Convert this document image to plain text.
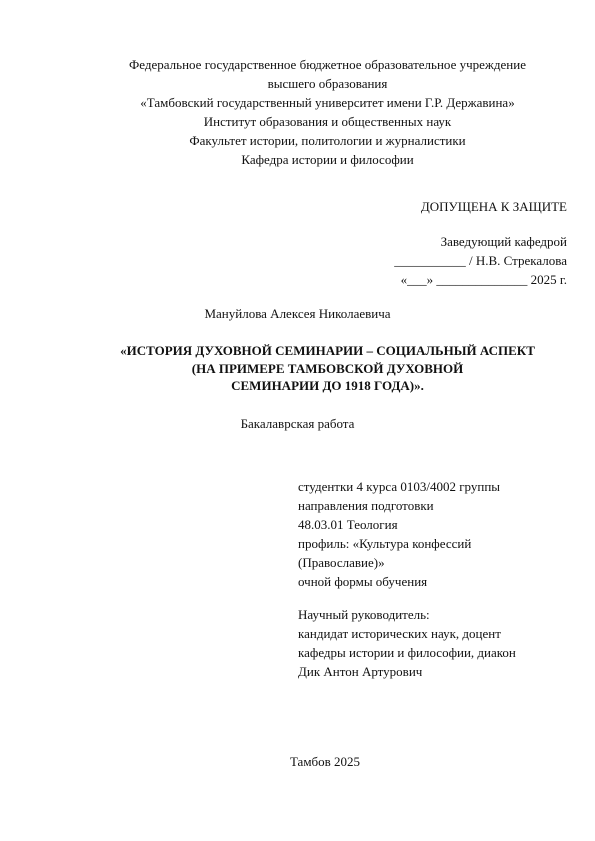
Федеральное государственное бюджетное образовательное учреждение
высшего образования
«Тамбовский государственный университет имени Г.Р. Державина»
Институт образования и общественных наук
Факультет истории, политологии и журналистики
Кафедра истории и философии
ДОПУЩЕНА К ЗАЩИТЕ
Заведующий кафедрой
___________ / Н.В. Стрекалова
«___» ______________ 2025 г.
Мануйлова Алексея Николаевича
«ИСТОРИЯ ДУХОВНОЙ СЕМИНАРИИ – СОЦИАЛЬНЫЙ АСПЕКТ
(НА ПРИМЕРЕ ТАМБОВСКОЙ ДУХОВНОЙ
СЕМИНАРИИ ДО 1918 ГОДА)».
Бакалаврская работа
студентки 4 курса 0103/4002 группы
направления подготовки
48.03.01 Теология
профиль: «Культура конфессий
(Православие)»
очной формы обучения
Научный руководитель:
кандидат исторических наук, доцент
кафедры истории и философии, диакон
Дик Антон Артурович
Тамбов 2025
